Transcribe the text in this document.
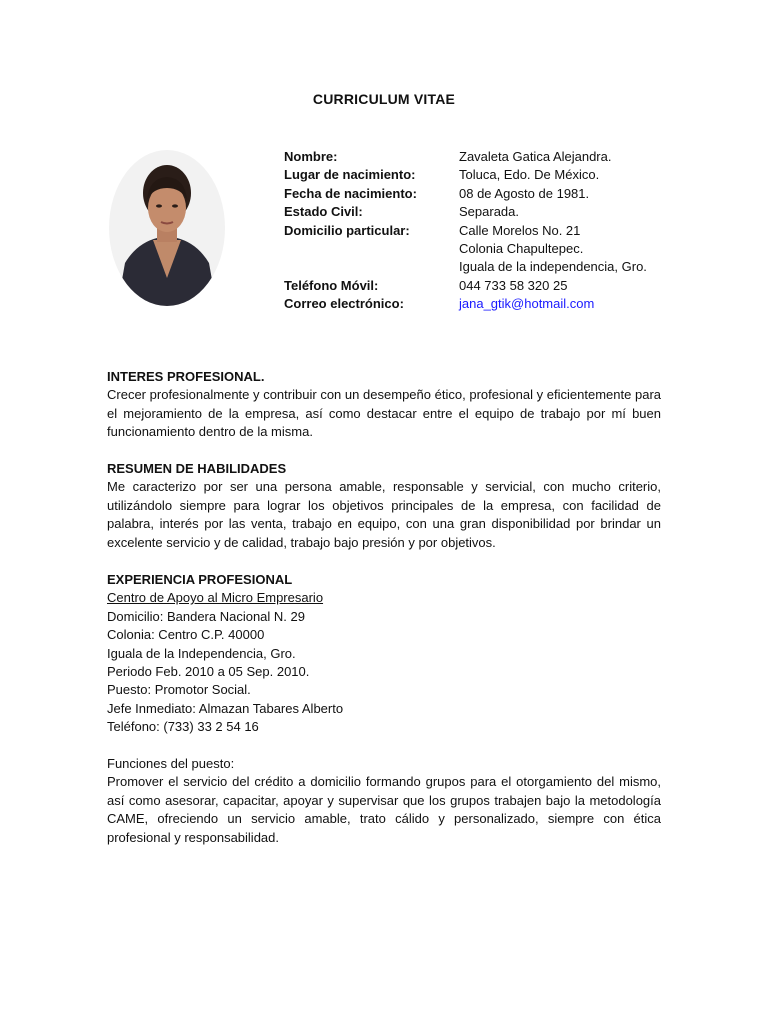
CURRICULUM VITAE
Nombre:	Zavaleta Gatica Alejandra.
Lugar de nacimiento:	Toluca, Edo. De México.
Fecha de nacimiento:	08 de Agosto de 1981.
Estado Civil:	Separada.
Domicilio particular:	Calle Morelos No. 21
Colonia Chapultepec.
Iguala de la independencia, Gro.
Teléfono Móvil:	044 733 58 320 25
Correo electrónico:	jana_gtik@hotmail.com
INTERES PROFESIONAL.
Crecer profesionalmente y contribuir con un desempeño ético, profesional y eficientemente para el mejoramiento de la empresa, así como destacar entre el equipo de trabajo por mí buen funcionamiento dentro de la misma.
RESUMEN DE HABILIDADES
Me caracterizo por ser una persona amable, responsable y servicial, con mucho criterio, utilizándolo siempre para lograr los objetivos principales de la empresa, con facilidad de palabra, interés por las venta, trabajo en equipo, con una gran disponibilidad por brindar un excelente servicio y de calidad, trabajo bajo presión y por objetivos.
EXPERIENCIA PROFESIONAL
Centro de Apoyo al Micro Empresario
Domicilio: Bandera Nacional N. 29
Colonia: Centro C.P. 40000
Iguala de la Independencia, Gro.
Periodo Feb. 2010 a 05 Sep. 2010.
Puesto: Promotor Social.
Jefe Inmediato: Almazan Tabares Alberto
Teléfono: (733) 33 2 54 16
Funciones del puesto:
Promover el servicio del crédito a domicilio formando grupos para el otorgamiento del mismo, así como asesorar, capacitar, apoyar y supervisar que los grupos trabajen bajo la metodología CAME, ofreciendo un servicio amable, trato cálido y personalizado, siempre con ética profesional y responsabilidad.
